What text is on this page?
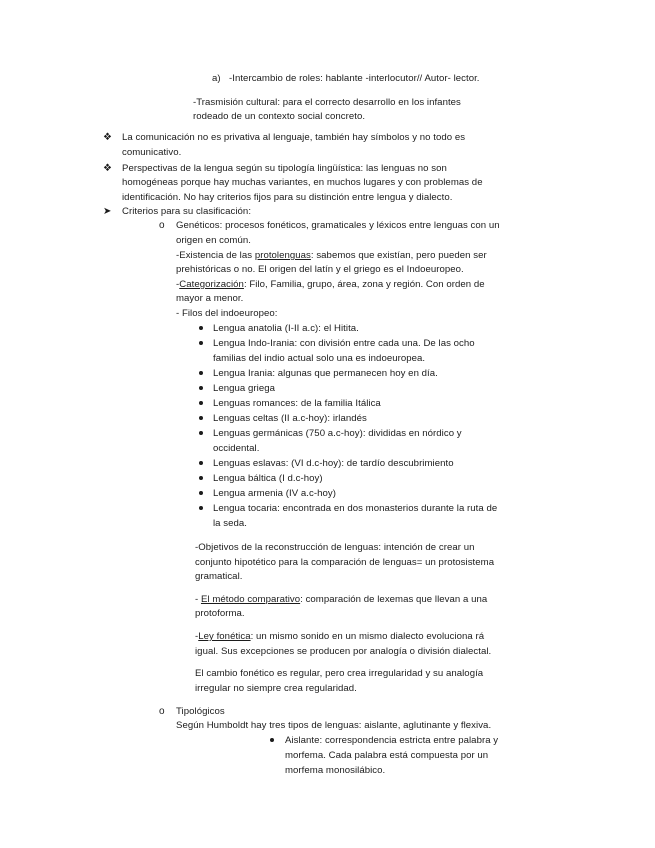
a) -Intercambio de roles: hablante -interlocutor// Autor- lector.
-Trasmisión cultural: para el correcto desarrollo en los infantes
rodeado de un contexto social concreto.
❖ La comunicación no es privativa al lenguaje, también hay símbolos y no todo es
comunicativo.
❖ Perspectivas de la lengua según su tipología lingüística: las lenguas no son
homogéneas porque hay muchas variantes, en muchos lugares y con problemas de
identificación. No hay criterios fijos para su distinción entre lengua y dialecto.
➤ Criterios para su clasificación:
o Genéticos: procesos fonéticos, gramaticales y léxicos entre lenguas con un
origen en común.
-Existencia de las protolenguas: sabemos que existían, pero pueden ser
prehistóricas o no. El origen del latín y el griego es el Indoeuropeo.
-Categorización: Filo, Familia, grupo, área, zona y región. Con orden de
mayor a menor.
- Filos del indoeuropeo:
Lengua anatolia (I-II a.c): el Hitita.
Lengua Indo-Irania: con división entre cada una. De las ocho
familias del indio actual solo una es indoeuropea.
Lengua Irania: algunas que permanecen hoy en día.
Lengua griega
Lenguas romances: de la familia Itálica
Lenguas celtas (II a.c-hoy): irlandés
Lenguas germánicas (750 a.c-hoy): divididas en nórdico y
occidental.
Lenguas eslavas: (VI d.c-hoy): de tardío descubrimiento
Lengua báltica (I d.c-hoy)
Lengua armenia (IV a.c-hoy)
Lengua tocaria: encontrada en dos monasterios durante la ruta de
la seda.
-Objetivos de la reconstrucción de lenguas: intención de crear un
conjunto hipotético para la comparación de lenguas= un protosistema
gramatical.
- El método comparativo: comparación de lexemas que llevan a una
protoforma.
-Ley fonética: un mismo sonido en un mismo dialecto evoluciona rá
igual. Sus excepciones se producen por analogía o división dialectal.
El cambio fonético es regular, pero crea irregularidad y su analogía
irregular no siempre crea regularidad.
o Tipológicos
Según Humboldt hay tres tipos de lenguas: aislante, aglutinante y flexiva.
Aislante: correspondencia estricta entre palabra y
morfema. Cada palabra está compuesta por un
morfema monosilábico.
